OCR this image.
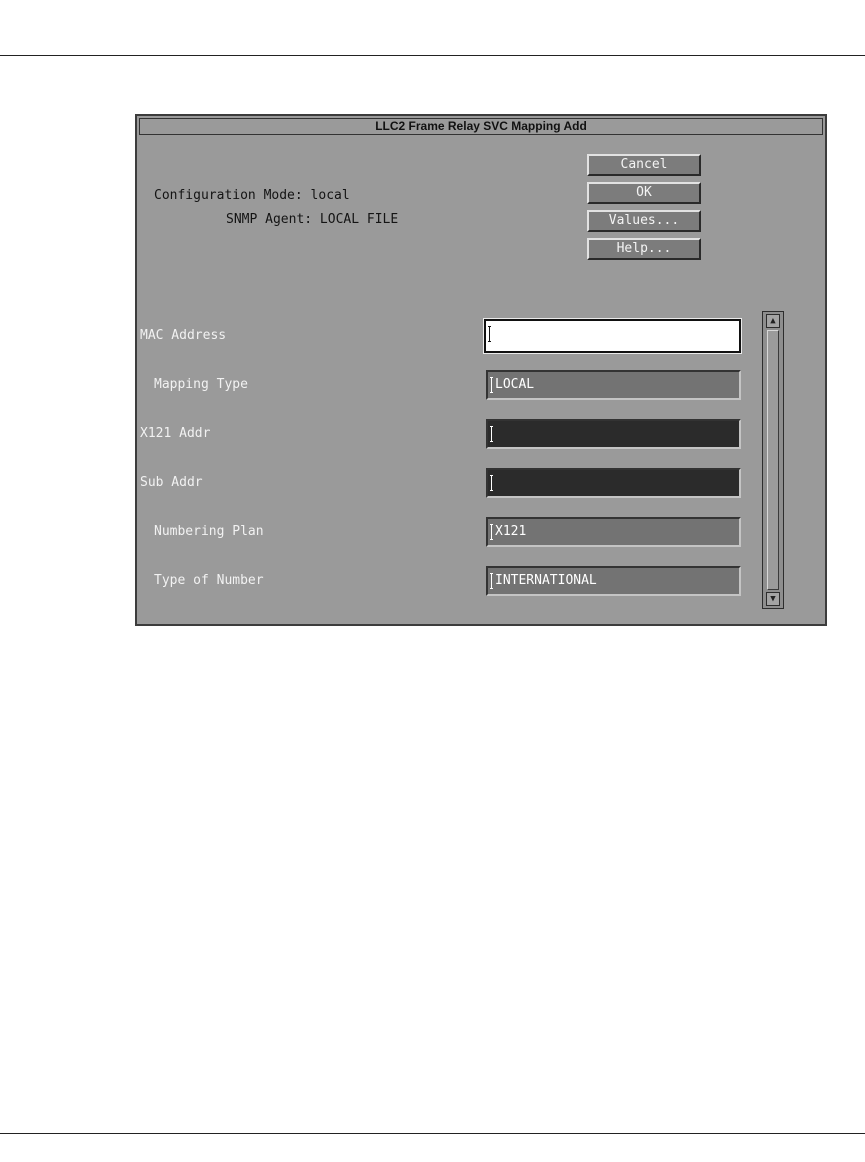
LLC2 Frame Relay SVC Mapping Add
Configuration Mode: local
SNMP Agent: LOCAL FILE
Cancel
OK
Values...
Help...
MAC Address
Mapping Type	LOCAL
X121 Addr
Sub Addr
Numbering Plan	X121
Type of Number	INTERNATIONAL
▲
▼
